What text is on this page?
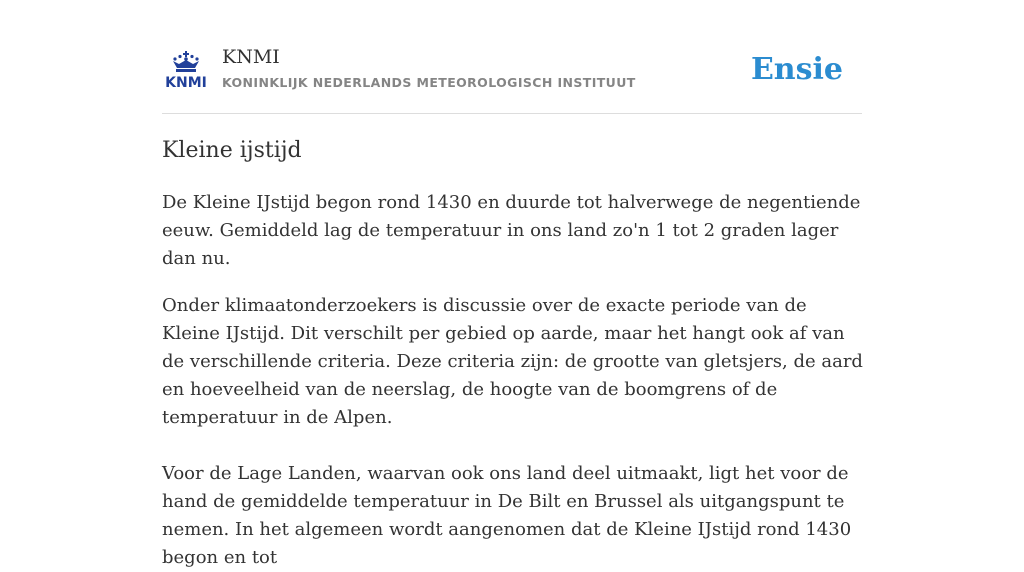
KNMI
KNMI
KONINKLIJK NEDERLANDS METEOROLOGISCH INSTITUUT	Ensie
Kleine ijstijd

De Kleine IJstijd begon rond 1430 en duurde tot halverwege de negentiende eeuw. Gemiddeld lag de temperatuur in ons land zo'n 1 tot 2 graden lager dan nu.

Onder klimaatonderzoekers is discussie over de exacte periode van de Kleine IJstijd. Dit verschilt per gebied op aarde, maar het hangt ook af van de verschillende criteria. Deze criteria zijn: de grootte van gletsjers, de aard en hoeveelheid van de neerslag, de hoogte van de boomgrens of de temperatuur in de Alpen.

Voor de Lage Landen, waarvan ook ons land deel uitmaakt, ligt het voor de hand de gemiddelde temperatuur in De Bilt en Brussel als uitgangspunt te nemen. In het algemeen wordt aangenomen dat de Kleine IJstijd rond 1430 begon en tot
